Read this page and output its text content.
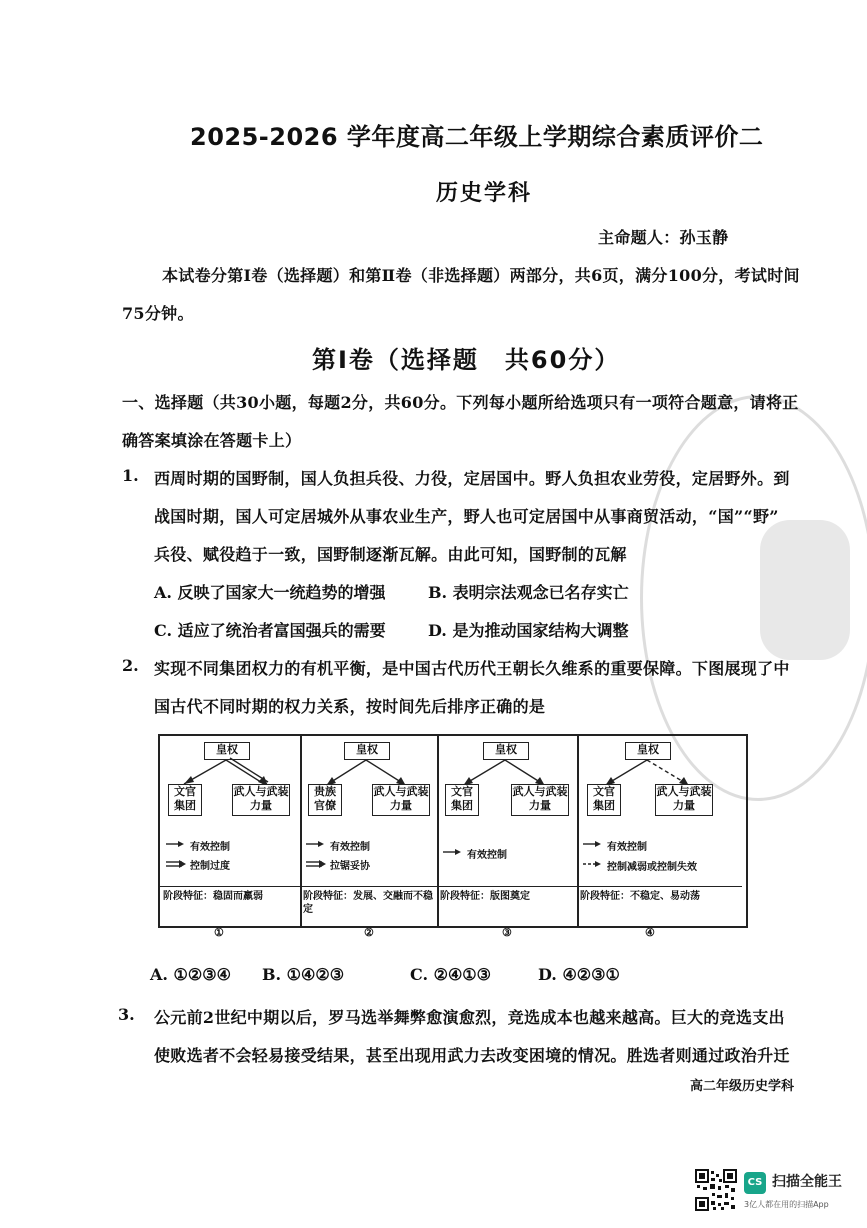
2025-2026 学年度高二年级上学期综合素质评价二
历史学科
主命题人：孙玉静
本试卷分第Ⅰ卷（选择题）和第Ⅱ卷（非选择题）两部分，共6页，满分100分，考试时间
75分钟。
第Ⅰ卷（选择题　共60分）
一、选择题（共30小题，每题2分，共60分。下列每小题所给选项只有一项符合题意，请将正
确答案填涂在答题卡上）
1. 西周时期的国野制，国人负担兵役、力役，定居国中。野人负担农业劳役，定居野外。到
战国时期，国人可定居城外从事农业生产，野人也可定居国中从事商贸活动，“国”“野”
兵役、赋役趋于一致，国野制逐渐瓦解。由此可知，国野制的瓦解
A. 反映了国家大一统趋势的增强	B. 表明宗法观念已名存实亡
C. 适应了统治者富国强兵的需要	D. 是为推动国家结构大调整
2. 实现不同集团权力的有机平衡，是中国古代历代王朝长久维系的重要保障。下图展现了中
国古代不同时期的权力关系，按时间先后排序正确的是
皇权
文官集团
武人与武装力量
有效控制
控制过度
阶段特征：稳固而羸弱
皇权
贵族官僚
武人与武装力量
有效控制
拉锯妥协
阶段特征：发展、交融而不稳定
皇权
文官集团
武人与武装力量
有效控制
阶段特征：版图奠定
皇权
文官集团
武人与武装力量
有效控制
控制减弱或控制失效
阶段特征：不稳定、易动荡
①	②	③	④
A. ①②③④ B. ①④②③	C. ②④①③	D. ④②③①
3. 公元前2世纪中期以后，罗马选举舞弊愈演愈烈，竞选成本也越来越高。巨大的竞选支出
使败选者不会轻易接受结果，甚至出现用武力去改变困境的情况。胜选者则通过政治升迁
高二年级历史学科
CS 扫描全能王
3亿人都在用的扫描App
